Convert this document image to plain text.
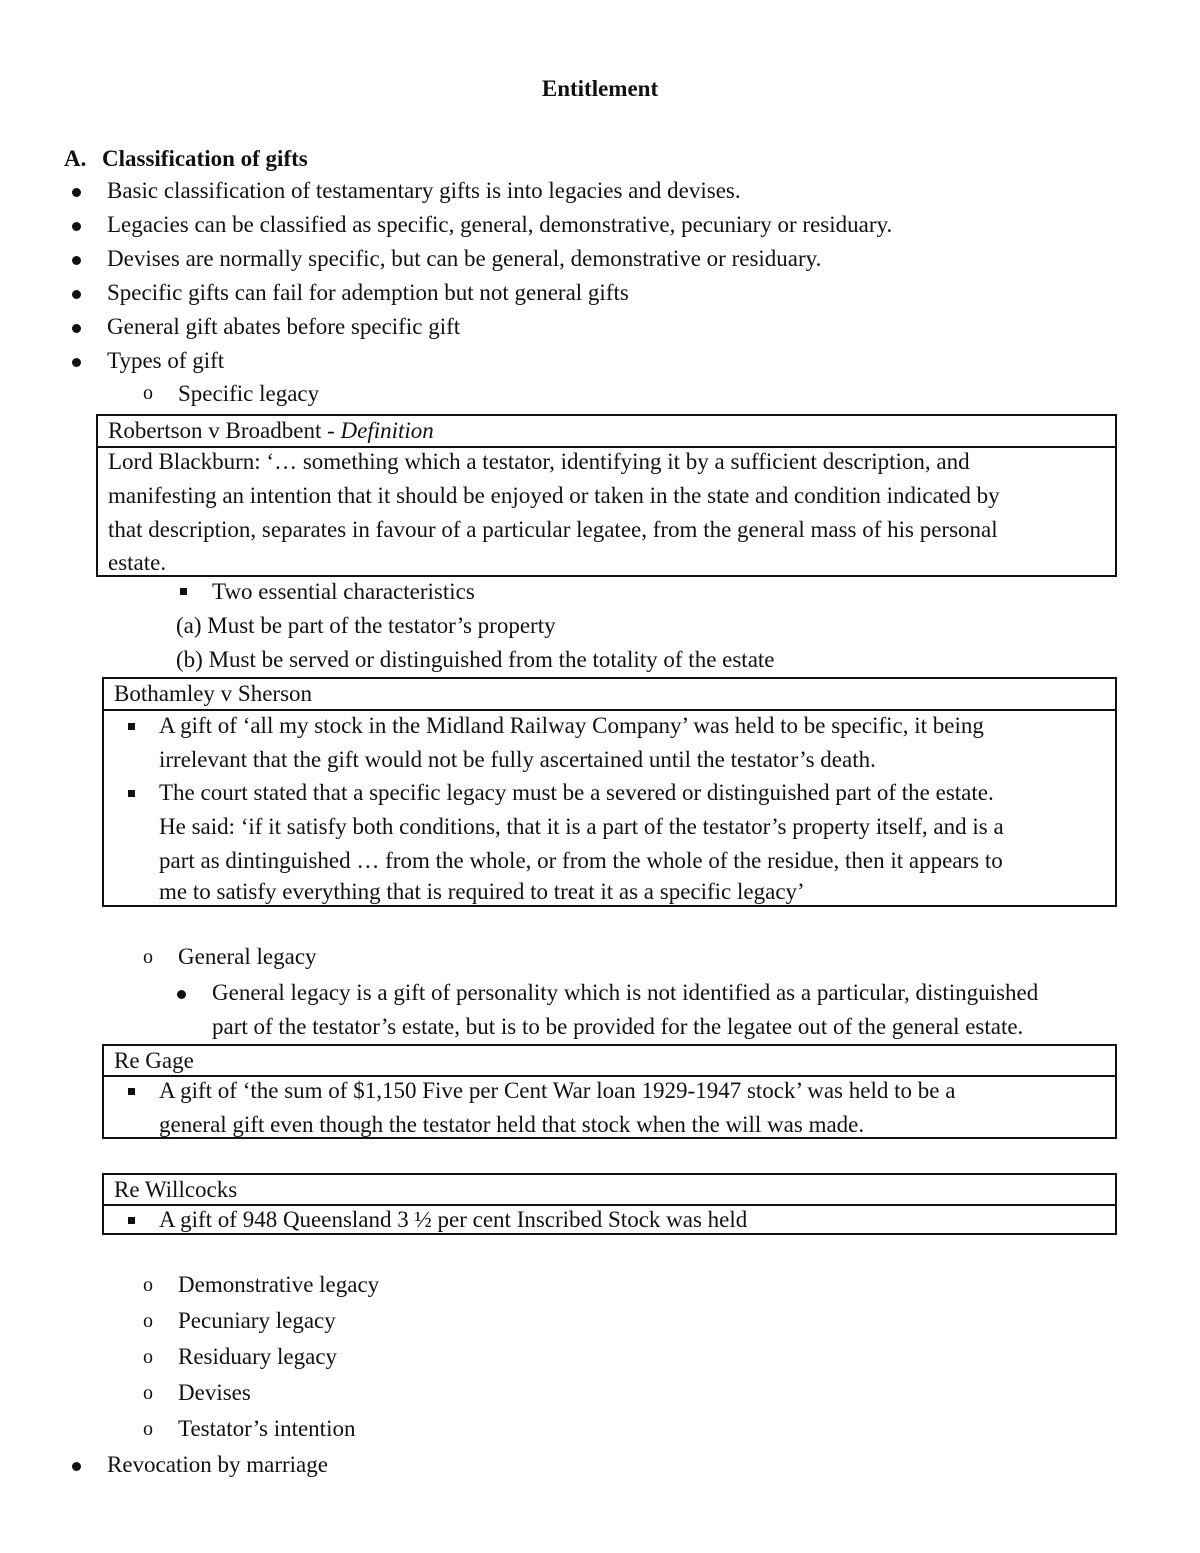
Entitlement
A. Classification of gifts
Basic classification of testamentary gifts is into legacies and devises.
Legacies can be classified as specific, general, demonstrative, pecuniary or residuary.
Devises are normally specific, but can be general, demonstrative or residuary.
Specific gifts can fail for ademption but not general gifts
General gift abates before specific gift
Types of gift
o Specific legacy
Robertson v Broadbent - Definition
Lord Blackburn: ‘… something which a testator, identifying it by a sufficient description, and
manifesting an intention that it should be enjoyed or taken in the state and condition indicated by
that description, separates in favour of a particular legatee, from the general mass of his personal
estate.
Two essential characteristics
(a) Must be part of the testator’s property
(b) Must be served or distinguished from the totality of the estate
Bothamley v Sherson
A gift of ‘all my stock in the Midland Railway Company’ was held to be specific, it being
irrelevant that the gift would not be fully ascertained until the testator’s death.
The court stated that a specific legacy must be a severed or distinguished part of the estate.
He said: ‘if it satisfy both conditions, that it is a part of the testator’s property itself, and is a
part as dintinguished … from the whole, or from the whole of the residue, then it appears to
me to satisfy everything that is required to treat it as a specific legacy’
o General legacy
General legacy is a gift of personality which is not identified as a particular, distinguished
part of the testator’s estate, but is to be provided for the legatee out of the general estate.
Re Gage
A gift of ‘the sum of $1,150 Five per Cent War loan 1929-1947 stock’ was held to be a
general gift even though the testator held that stock when the will was made.
Re Willcocks
A gift of 948 Queensland 3 ½ per cent Inscribed Stock was held
o Demonstrative legacy
o Pecuniary legacy
o Residuary legacy
o Devises
o Testator’s intention
Revocation by marriage
